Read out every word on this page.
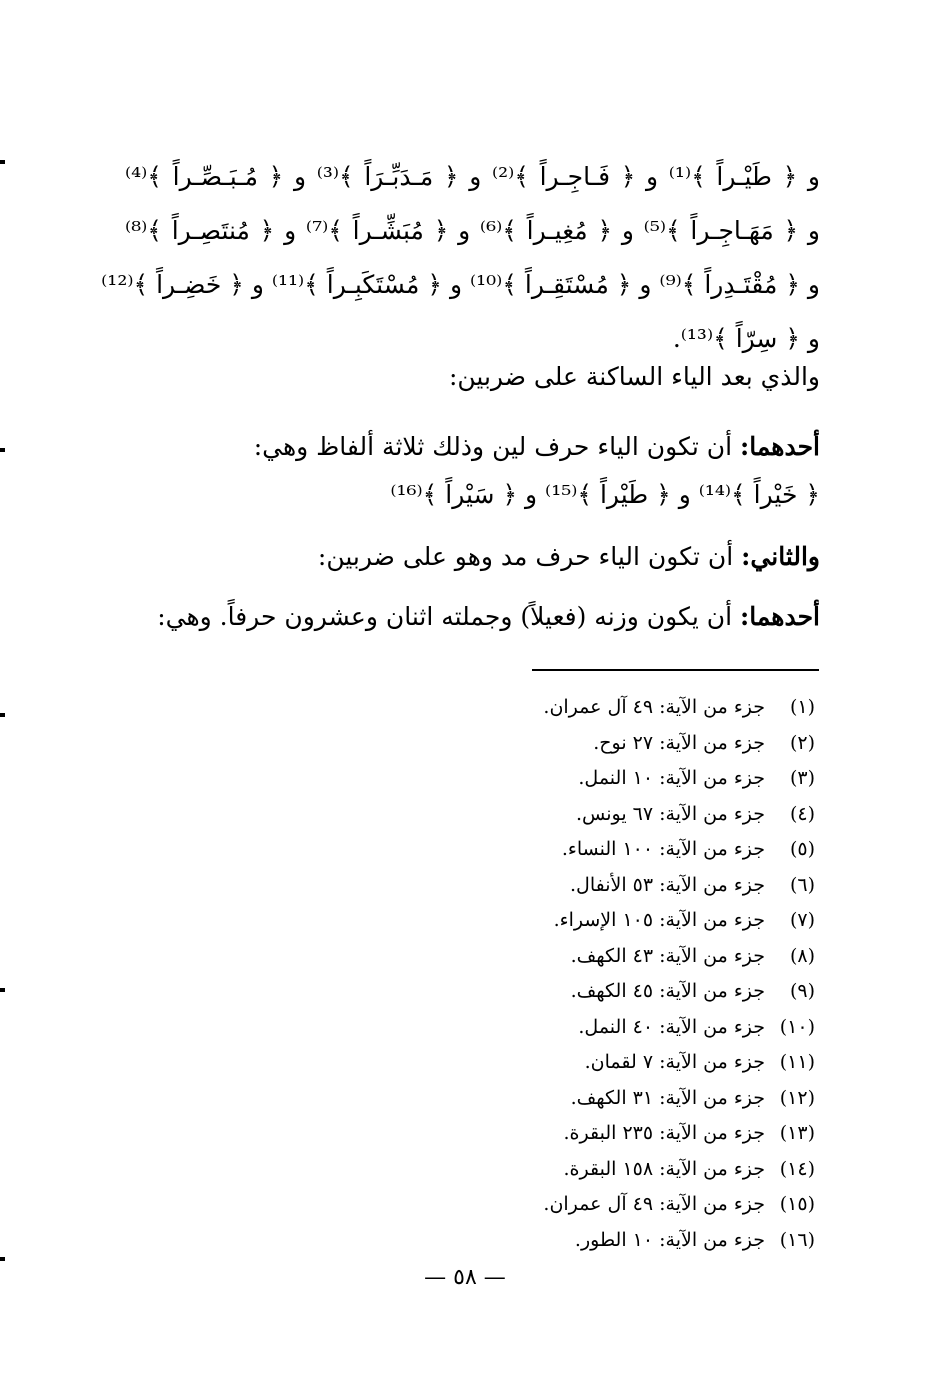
و ﴿ طَيْـراً ﴾⁽¹⁾ و ﴿ فَـاجِـراً ﴾⁽²⁾ و ﴿ مَـدَبِّـرَاً ﴾⁽³⁾ و ﴿ مُـبَـصِّـراً ﴾⁽⁴⁾
و ﴿ مَهَـاجِـراً ﴾⁽⁵⁾ و ﴿ مُغِيـراً ﴾⁽⁶⁾ و ﴿ مُبَشِّـراً ﴾⁽⁷⁾ و ﴿ مُنتَصِـراً ﴾⁽⁸⁾
و ﴿ مُقْتَـدِراً ﴾⁽⁹⁾ و ﴿ مُسْتَقِـراً ﴾⁽¹⁰⁾ و ﴿ مُسْتَكَبِـراً ﴾⁽¹¹⁾ و ﴿ خَضِـراً ﴾⁽¹²⁾
و ﴿ سِرّاً ﴾⁽¹³⁾.
والذي بعد الياء الساكنة على ضربين:
أحدهما: أن تكون الياء حرف لين وذلك ثلاثة ألفاظ وهي:
﴿ خَيْراً ﴾⁽¹⁴⁾ و ﴿ طَيْراً ﴾⁽¹⁵⁾ و ﴿ سَيْراً ﴾⁽¹⁶⁾
والثاني: أن تكون الياء حرف مد وهو على ضربين:
أحدهما: أن يكون وزنه (فعيلاً) وجملته اثنان وعشرون حرفاً. وهي:
(١)جزء من الآية: ٤٩ آل عمران.
(٢)جزء من الآية: ٢٧ نوح.
(٣)جزء من الآية: ١٠ النمل.
(٤)جزء من الآية: ٦٧ يونس.
(٥)جزء من الآية: ١٠٠ النساء.
(٦)جزء من الآية: ٥٣ الأنفال.
(٧)جزء من الآية: ١٠٥ الإسراء.
(٨)جزء من الآية: ٤٣ الكهف.
(٩)جزء من الآية: ٤٥ الكهف.
(١٠)جزء من الآية: ٤٠ النمل.
(١١)جزء من الآية: ٧ لقمان.
(١٢)جزء من الآية: ٣١ الكهف.
(١٣)جزء من الآية: ٢٣٥ البقرة.
(١٤)جزء من الآية: ١٥٨ البقرة.
(١٥)جزء من الآية: ٤٩ آل عمران.
(١٦)جزء من الآية: ١٠ الطور.
— ٥٨ —
